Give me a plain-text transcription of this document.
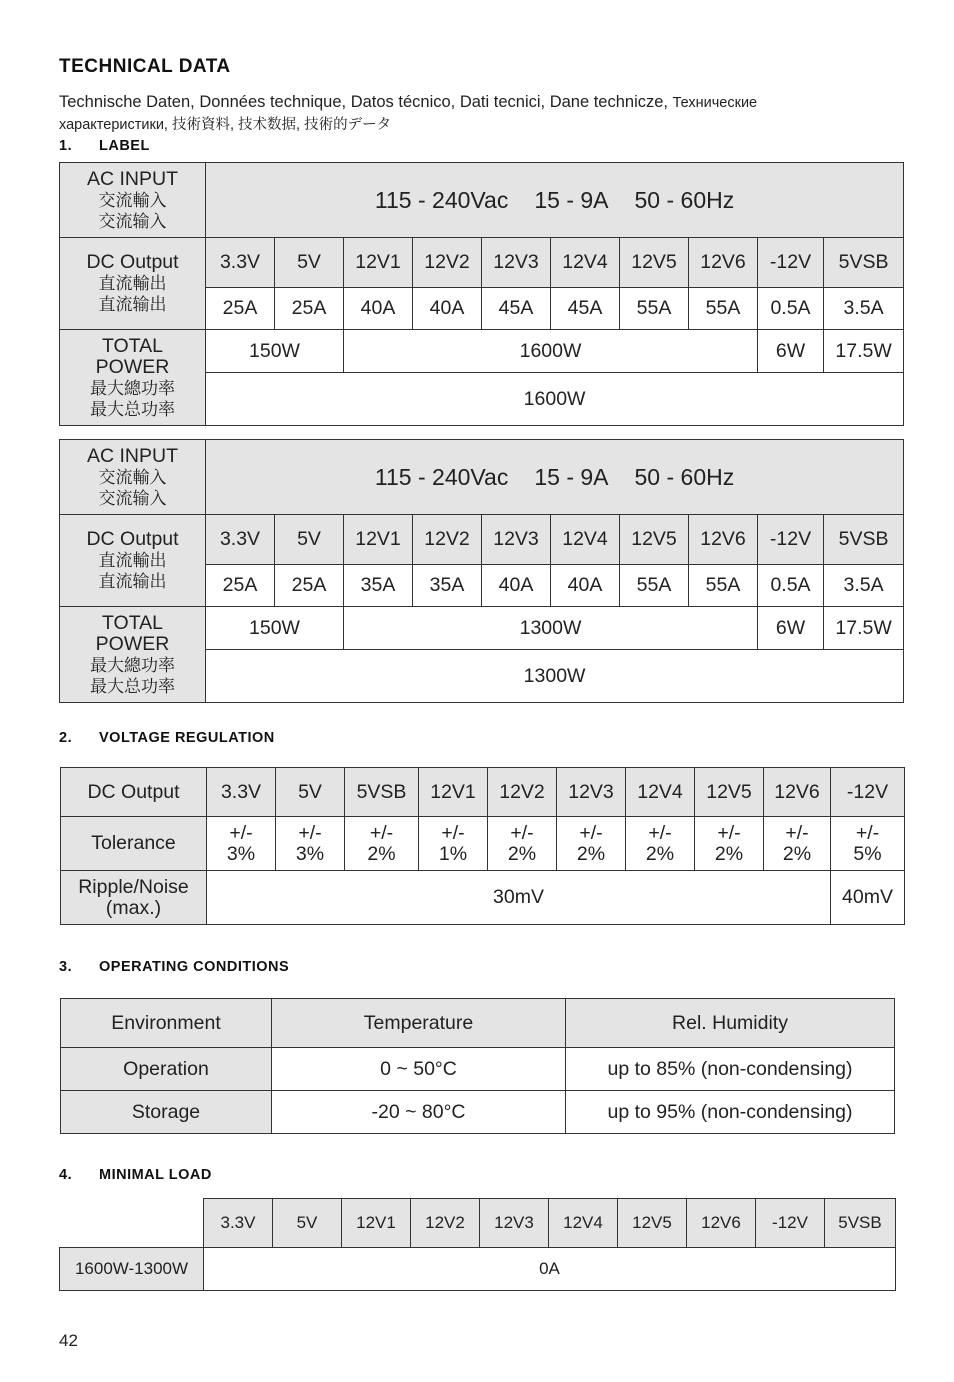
TECHNICAL DATA
Technische Daten, Données technique, Datos técnico, Dati tecnici, Dane technicze, Технические
характеристики, 技術資料, 技术数据, 技術的データ
1. LABEL
AC INPUT
交流輸入
交流输入	115 - 240Vac 15 - 9A 50 - 60Hz									

DC Output
直流輸出
直流输出	3.3V	5V	12V1	12V2	12V3	12V4	12V5	12V6	-12V	5VSB
	25A	25A	40A	40A	45A	45A	55A	55A	0.5A	3.5A

TOTAL
POWER
最大總功率
最大总功率	150W		1600W						6W	17.5W
	1600W									
AC INPUT
交流輸入
交流输入	115 - 240Vac 15 - 9A 50 - 60Hz									

DC Output
直流輸出
直流输出	3.3V	5V	12V1	12V2	12V3	12V4	12V5	12V6	-12V	5VSB
	25A	25A	35A	35A	40A	40A	55A	55A	0.5A	3.5A

TOTAL
POWER
最大總功率
最大总功率	150W		1300W						6W	17.5W
	1300W									
2. VOLTAGE REGULATION
DC Output	3.3V	5V	5VSB	12V1	12V2	12V3	12V4	12V5	12V6	-12V
Tolerance	+/-
3%	+/-
3%	+/-
2%	+/-
1%	+/-
2%	+/-
2%	+/-
2%	+/-
2%	+/-
2%	+/-
5%
Ripple/Noise
(max.)	30mV									40mV
3. OPERATING CONDITIONS
Environment	Temperature	Rel. Humidity
Operation	0 ~ 50°C	up to 85% (non-condensing)
Storage	-20 ~ 80°C	up to 95% (non-condensing)
4. MINIMAL LOAD
	3.3V	5V	12V1	12V2	12V3	12V4	12V5	12V6	-12V	5VSB
1600W-1300W	0A									
42
